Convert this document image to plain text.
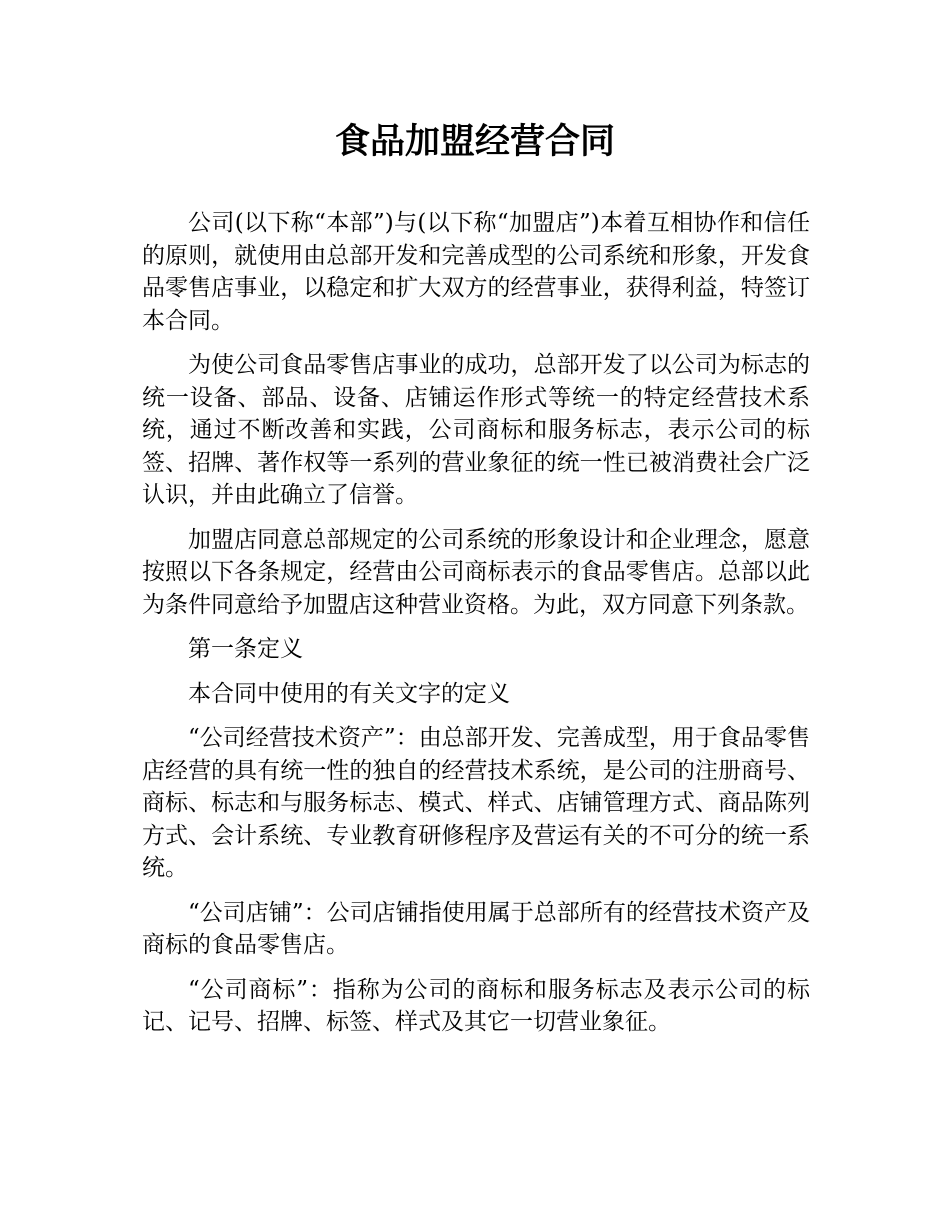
食品加盟经营合同

公司(以下称“本部”)与(以下称“加盟店”)本着互相协作和信任的原则，就使用由总部开发和完善成型的公司系统和形象，开发食品零售店事业，以稳定和扩大双方的经营事业，获得利益，特签订本合同。

为使公司食品零售店事业的成功，总部开发了以公司为标志的统一设备、部品、设备、店铺运作形式等统一的特定经营技术系统，通过不断改善和实践，公司商标和服务标志，表示公司的标签、招牌、著作权等一系列的营业象征的统一性已被消费社会广泛认识，并由此确立了信誉。

加盟店同意总部规定的公司系统的形象设计和企业理念，愿意按照以下各条规定，经营由公司商标表示的食品零售店。总部以此为条件同意给予加盟店这种营业资格。为此，双方同意下列条款。

第一条定义

本合同中使用的有关文字的定义

“公司经营技术资产”：由总部开发、完善成型，用于食品零售店经营的具有统一性的独自的经营技术系统，是公司的注册商号、商标、标志和与服务标志、模式、样式、店铺管理方式、商品陈列方式、会计系统、专业教育研修程序及营运有关的不可分的统一系统。

“公司店铺”：公司店铺指使用属于总部所有的经营技术资产及商标的食品零售店。

“公司商标”：指称为公司的商标和服务标志及表示公司的标记、记号、招牌、标签、样式及其它一切营业象征。
